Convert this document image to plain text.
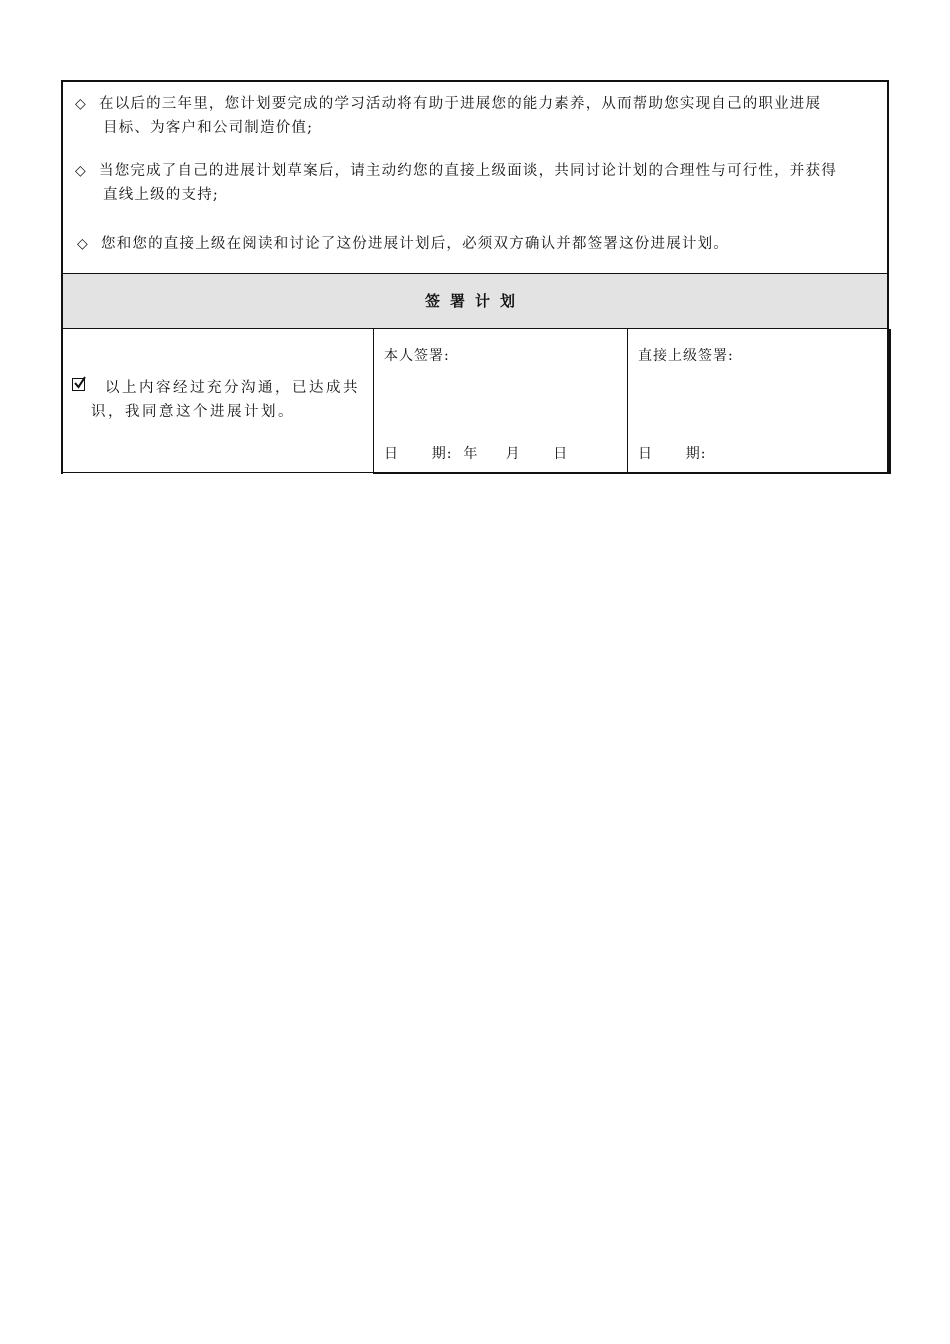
◇ 在以后的三年里，您计划要完成的学习活动将有助于进展您的能力素养，从而帮助您实现自己的职业进展
目标、为客户和公司制造价值;
◇ 当您完成了自己的进展计划草案后，请主动约您的直接上级面谈，共同讨论计划的合理性与可行性，并获得
直线上级的支持;
◇ 您和您的直接上级在阅读和讨论了这份进展计划后，必须双方确认并都签署这份进展计划。
签署计划
以上内容经过充分沟通，已达成共识，我同意这个进展计划。
本人签署:
日      期:  年     月      日
直接上级签署:
日      期:
